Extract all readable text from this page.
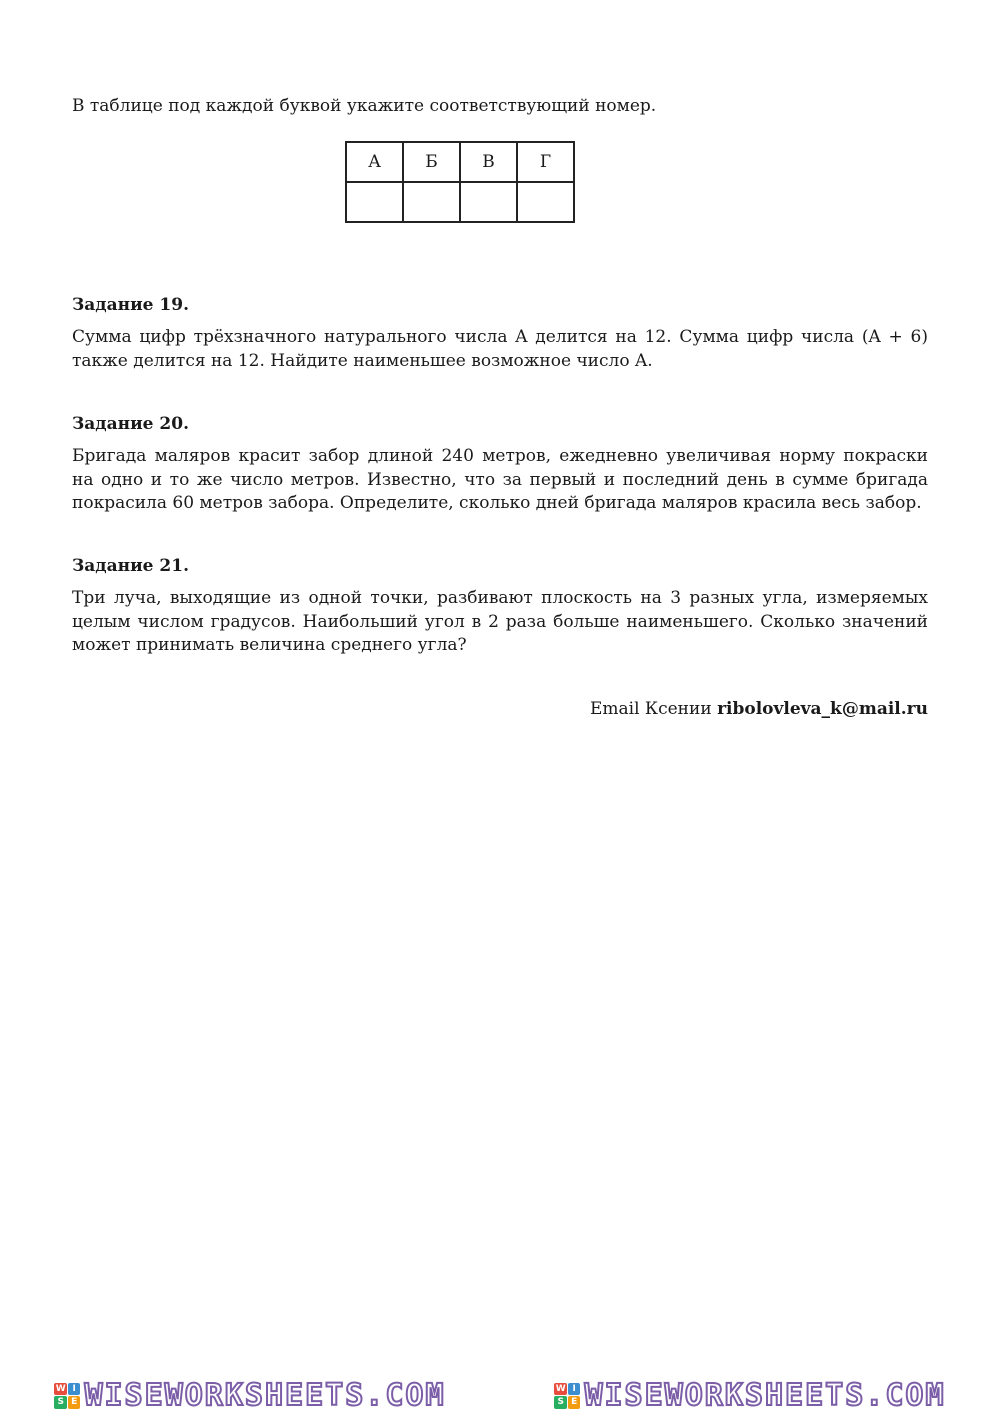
В таблице под каждой буквой укажите соответствующий номер.
А	Б	В	Г

Задание 19.
Сумма цифр трёхзначного натурального числа A делится на 12. Сумма цифр числа (A + 6)
также делится на 12. Найдите наименьшее возможное число A.
Задание 20.
Бригада маляров красит забор длиной 240 метров, ежедневно увеличивая норму покраски
на одно и то же число метров. Известно, что за первый и последний день в сумме бригада
покрасила 60 метров забора. Определите, сколько дней бригада маляров красила весь забор.
Задание 21.
Три луча, выходящие из одной точки, разбивают плоскость на 3 разных угла, измеряемых
целым числом градусов. Наибольший угол в 2 раза больше наименьшего. Сколько значений
может принимать величина среднего угла?
Email Ксении ribolovleva_k@mail.ru
W I
S E WISEWORKSHEETS.COM	W I
S E WISEWORKSHEETS.COM
